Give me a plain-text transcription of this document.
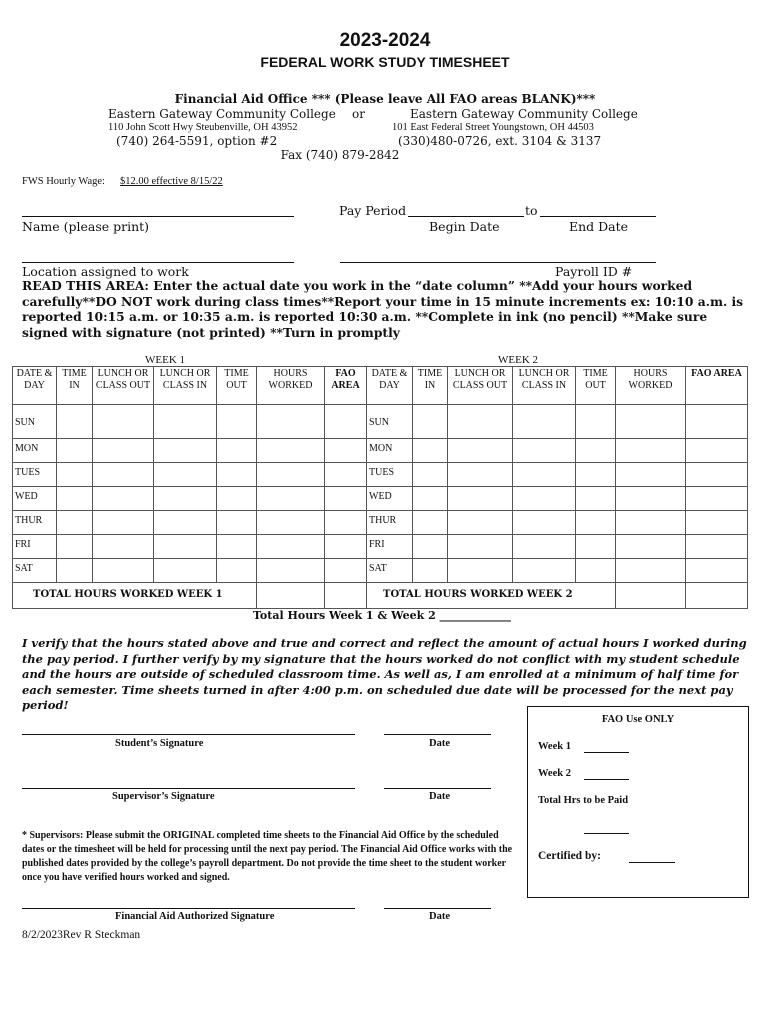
2023-2024
FEDERAL WORK STUDY TIMESHEET
Financial Aid Office *** (Please leave All FAO areas BLANK)***
Eastern Gateway Community College or	Eastern Gateway Community College
110 John Scott Hwy Steubenville, OH 43952	101 East Federal Street Youngstown, OH 44503
(740) 264-5591, option #2	(330)480-0726, ext. 3104 & 3137
Fax (740) 879-2842
FWS Hourly Wage: $12.00 effective 8/15/22
Name (please print)
Pay Period	to
Begin Date	End Date
Location assigned to work	Payroll ID #
READ THIS AREA: Enter the actual date you work in the “date column” **Add your hours worked carefully**DO NOT work during class times**Report your time in 15 minute increments ex: 10:10 a.m. is reported 10:15 a.m. or 10:35 a.m. is reported 10:30 a.m. **Complete in ink (no pencil) **Make sure signed with signature (not printed) **Turn in promptly
WEEK 1	WEEK 2
DATE & DAY	TIME IN	LUNCH OR CLASS OUT	LUNCH OR CLASS IN	TIME OUT	HOURS WORKED	FAO AREA	DATE & DAY	TIME IN	LUNCH OR CLASS OUT	LUNCH OR CLASS IN	TIME OUT	HOURS WORKED	FAO AREA
SUN							SUN						
MON							MON						
TUES							TUES						
WED							WED						
THUR							THUR						
FRI							FRI						
SAT							SAT						
TOTAL HOURS WORKED WEEK 1							TOTAL HOURS WORKED WEEK 2						
Total Hours Week 1 & Week 2 _____________
I verify that the hours stated above and true and correct and reflect the amount of actual hours I worked during the pay period. I further verify by my signature that the hours worked do not conflict with my student schedule and the hours are outside of scheduled classroom time. As well as, I am enrolled at a minimum of half time for each semester. Time sheets turned in after 4:00 p.m. on scheduled due date will be processed for the next pay period!
Student’s Signature	Date
Supervisor’s Signature	Date
* Supervisors: Please submit the ORIGINAL completed time sheets to the Financial Aid Office by the scheduled dates or the timesheet will be held for processing until the next pay period. The Financial Aid Office works with the published dates provided by the college’s payroll department. Do not provide the time sheet to the student worker once you have verified hours worked and signed.
Financial Aid Authorized Signature	Date
FAO Use ONLY
Week 1
Week 2
Total Hrs to be Paid
Certified by:
8/2/2023Rev R Steckman
